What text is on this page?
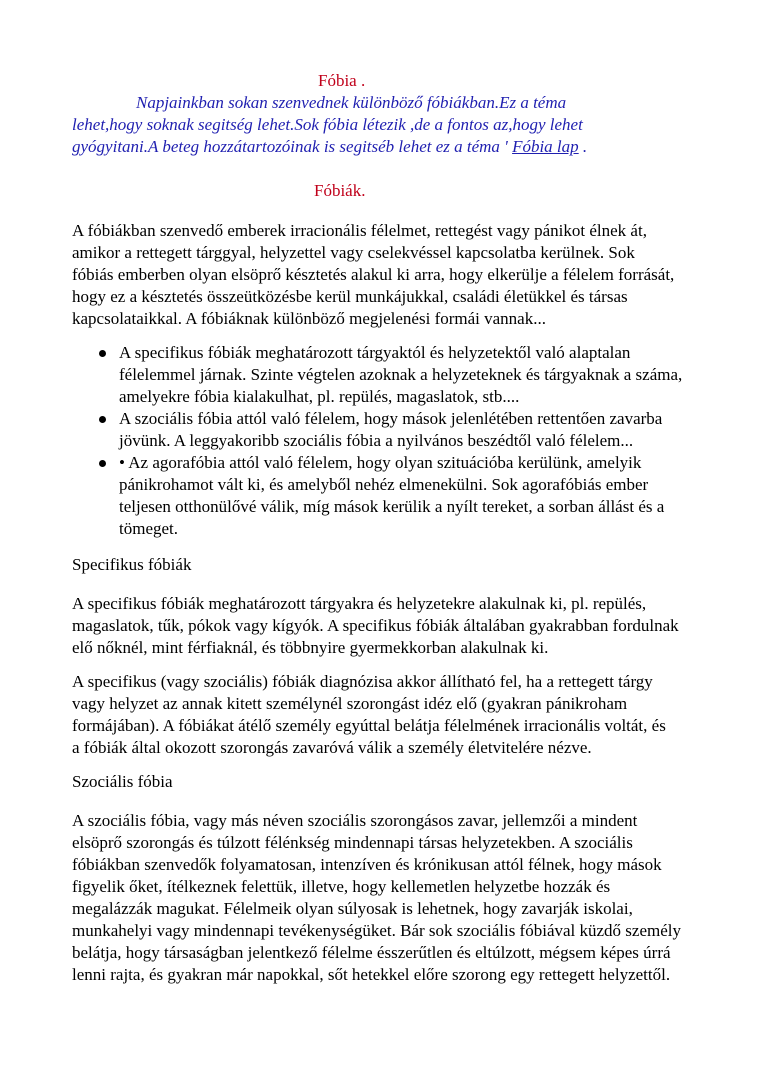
Fóbia .

Napjainkban sokan szenvednek különböző fóbiákban.Ez a téma
lehet,hogy soknak segitség lehet.Sok fóbia létezik ,de a fontos az,hogy lehet
gyógyitani.A beteg hozzátartozóinak is segitséb lehet ez a téma ' Fóbia lap .

Fóbiák.

A fóbiákban szenvedő emberek irracionális félelmet, rettegést vagy pánikot élnek át,
amikor a rettegett tárggyal, helyzettel vagy cselekvéssel kapcsolatba kerülnek. Sok
fóbiás emberben olyan elsöprő késztetés alakul ki arra, hogy elkerülje a félelem forrását,
hogy ez a késztetés összeütközésbe kerül munkájukkal, családi életükkel és társas
kapcsolataikkal. A fóbiáknak különböző megjelenési formái vannak...
A specifikus fóbiák meghatározott tárgyaktól és helyzetektől való alaptalan
félelemmel járnak. Szinte végtelen azoknak a helyzeteknek és tárgyaknak a száma,
amelyekre fóbia kialakulhat, pl. repülés, magaslatok, stb....
A szociális fóbia attól való félelem, hogy mások jelenlétében rettentően zavarba
jövünk. A leggyakoribb szociális fóbia a nyilvános beszédtől való félelem...
• Az agorafóbia attól való félelem, hogy olyan szituációba kerülünk, amelyik
pánikrohamot vált ki, és amelyből nehéz elmenekülni. Sok agorafóbiás ember
teljesen otthonülővé válik, míg mások kerülik a nyílt tereket, a sorban állást és a
tömeget.

Specifikus fóbiák

A specifikus fóbiák meghatározott tárgyakra és helyzetekre alakulnak ki, pl. repülés,
magaslatok, tűk, pókok vagy kígyók. A specifikus fóbiák általában gyakrabban fordulnak
elő nőknél, mint férfiaknál, és többnyire gyermekkorban alakulnak ki.
A specifikus (vagy szociális) fóbiák diagnózisa akkor állítható fel, ha a rettegett tárgy
vagy helyzet az annak kitett személynél szorongást idéz elő (gyakran pánikroham
formájában). A fóbiákat átélő személy egyúttal belátja félelmének irracionális voltát, és
a fóbiák által okozott szorongás zavaróvá válik a személy életvitelére nézve.

Szociális fóbia

A szociális fóbia, vagy más néven szociális szorongásos zavar, jellemzői a mindent
elsöprő szorongás és túlzott félénkség mindennapi társas helyzetekben. A szociális
fóbiákban szenvedők folyamatosan, intenzíven és krónikusan attól félnek, hogy mások
figyelik őket, ítélkeznek felettük, illetve, hogy kellemetlen helyzetbe hozzák és
megalázzák magukat. Félelmeik olyan súlyosak is lehetnek, hogy zavarják iskolai,
munkahelyi vagy mindennapi tevékenységüket. Bár sok szociális fóbiával küzdő személy
belátja, hogy társaságban jelentkező félelme ésszerűtlen és eltúlzott, mégsem képes úrrá
lenni rajta, és gyakran már napokkal, sőt hetekkel előre szorong egy rettegett helyzettől.
